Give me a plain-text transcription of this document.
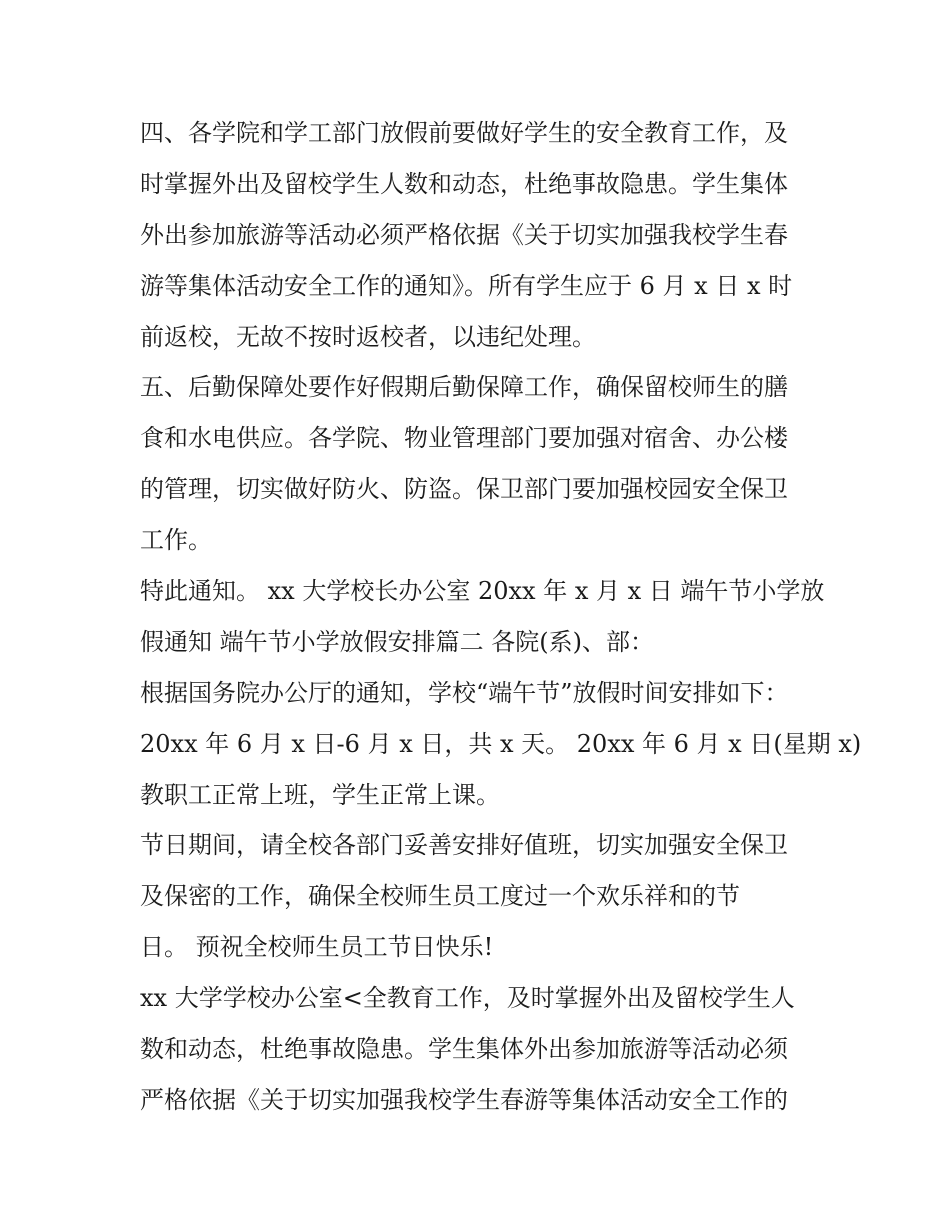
四、各学院和学工部门放假前要做好学生的安全教育工作，及
时掌握外出及留校学生人数和动态，杜绝事故隐患。学生集体
外出参加旅游等活动必须严格依据《关于切实加强我校学生春
游等集体活动安全工作的通知》。所有学生应于 6 月 x 日 x 时
前返校，无故不按时返校者，以违纪处理。
五、后勤保障处要作好假期后勤保障工作，确保留校师生的膳
食和水电供应。各学院、物业管理部门要加强对宿舍、办公楼
的管理，切实做好防火、防盗。保卫部门要加强校园安全保卫
工作。
特此通知。 xx 大学校长办公室 20xx 年 x 月 x 日 端午节小学放
假通知 端午节小学放假安排篇二 各院(系)、部：
根据国务院办公厅的通知，学校“端午节”放假时间安排如下：
20xx 年 6 月 x 日-6 月 x 日，共 x 天。 20xx 年 6 月 x 日(星期 x)
教职工正常上班，学生正常上课。
节日期间，请全校各部门妥善安排好值班，切实加强安全保卫
及保密的工作，确保全校师生员工度过一个欢乐祥和的节
日。 预祝全校师生员工节日快乐!
xx 大学学校办公室<全教育工作，及时掌握外出及留校学生人
数和动态，杜绝事故隐患。学生集体外出参加旅游等活动必须
严格依据《关于切实加强我校学生春游等集体活动安全工作的
